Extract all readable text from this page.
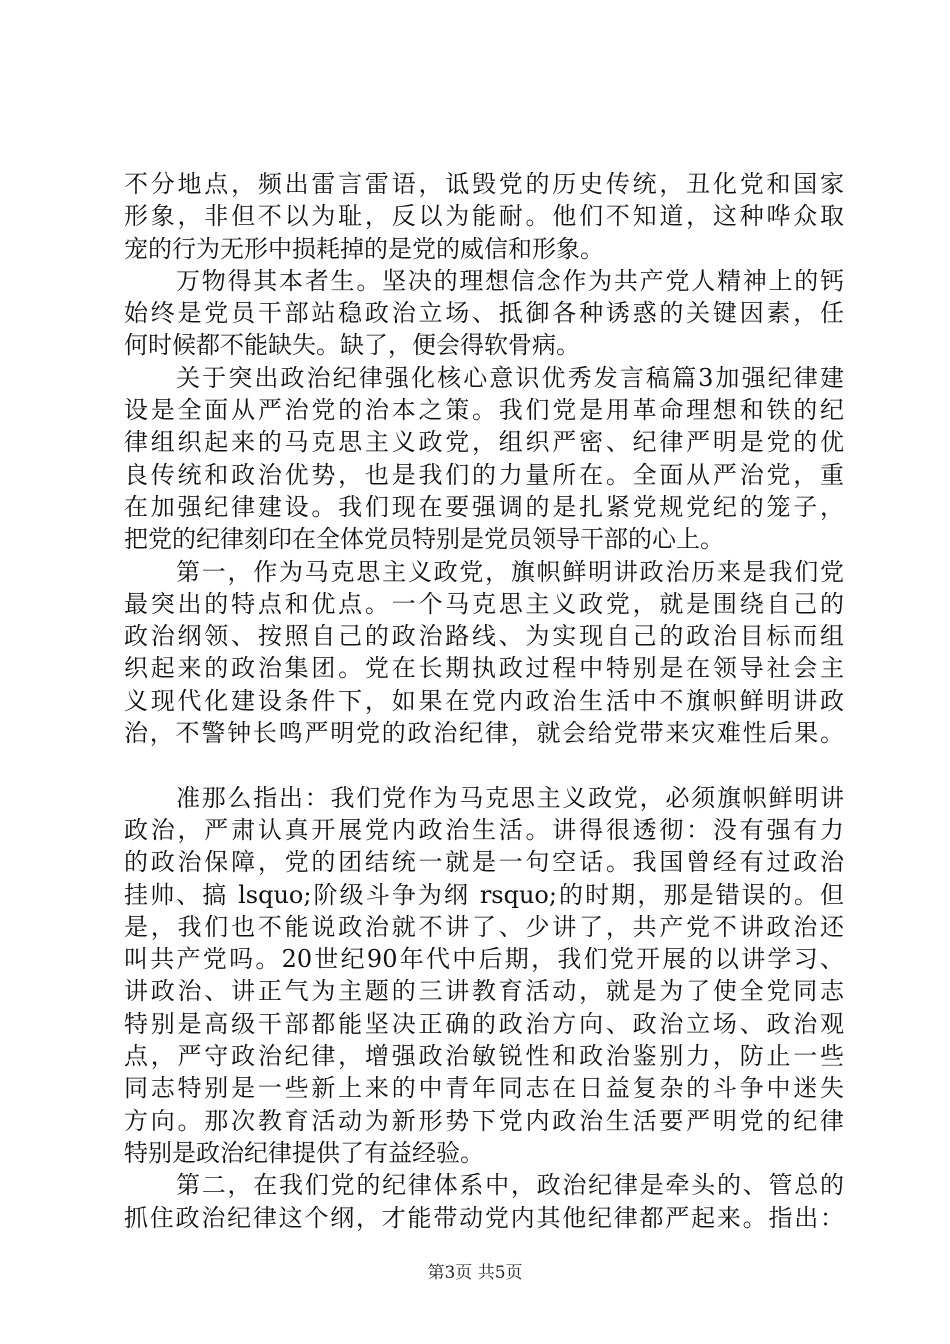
不分地点，频出雷言雷语，诋毁党的历史传统，丑化党和国家
形象，非但不以为耻，反以为能耐。他们不知道，这种哗众取
宠的行为无形中损耗掉的是党的威信和形象。
万物得其本者生。坚决的理想信念作为共产党人精神上的钙
始终是党员干部站稳政治立场、抵御各种诱惑的关键因素，任
何时候都不能缺失。缺了，便会得软骨病。
关于突出政治纪律强化核心意识优秀发言稿篇3加强纪律建
设是全面从严治党的治本之策。我们党是用革命理想和铁的纪
律组织起来的马克思主义政党，组织严密、纪律严明是党的优
良传统和政治优势，也是我们的力量所在。全面从严治党，重
在加强纪律建设。我们现在要强调的是扎紧党规党纪的笼子，
把党的纪律刻印在全体党员特别是党员领导干部的心上。
第一，作为马克思主义政党，旗帜鲜明讲政治历来是我们党
最突出的特点和优点。一个马克思主义政党，就是围绕自己的
政治纲领、按照自己的政治路线、为实现自己的政治目标而组
织起来的政治集团。党在长期执政过程中特别是在领导社会主
义现代化建设条件下，如果在党内政治生活中不旗帜鲜明讲政
治，不警钟长鸣严明党的政治纪律，就会给党带来灾难性后果。
准那么指出：我们党作为马克思主义政党，必须旗帜鲜明讲
政治，严肃认真开展党内政治生活。讲得很透彻：没有强有力
的政治保障，党的团结统一就是一句空话。我国曾经有过政治
挂帅、搞 lsquo;阶级斗争为纲 rsquo;的时期，那是错误的。但
是，我们也不能说政治就不讲了、少讲了，共产党不讲政治还
叫共产党吗。20世纪90年代中后期，我们党开展的以讲学习、
讲政治、讲正气为主题的三讲教育活动，就是为了使全党同志
特别是高级干部都能坚决正确的政治方向、政治立场、政治观
点，严守政治纪律，增强政治敏锐性和政治鉴别力，防止一些
同志特别是一些新上来的中青年同志在日益复杂的斗争中迷失
方向。那次教育活动为新形势下党内政治生活要严明党的纪律
特别是政治纪律提供了有益经验。
第二，在我们党的纪律体系中，政治纪律是牵头的、管总的
抓住政治纪律这个纲，才能带动党内其他纪律都严起来。指出：
第3页 共5页
